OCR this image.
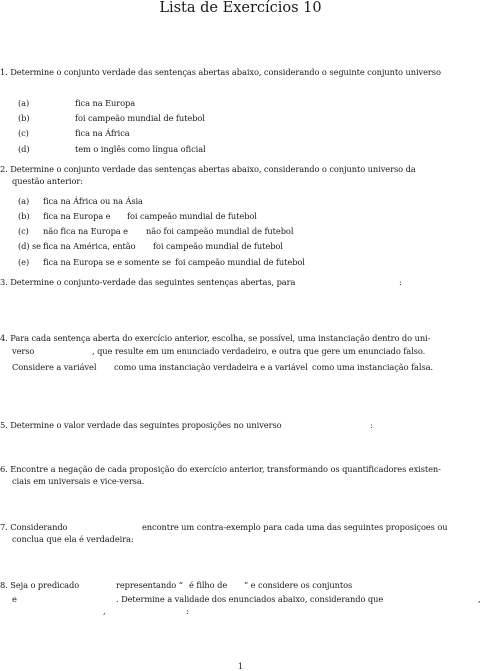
Lista de Exercícios 10
1. Determine o conjunto verdade das sentenças abertas abaixo, considerando o seguinte conjunto universo
(a)	fica na Europa
(b)	foi campeão mundial de futebol
(c)	fica na África
(d)	tem o inglês como língua oficial
2. Determine o conjunto verdade das sentenças abertas abaixo, considerando o conjunto universo da
questão anterior:
(a) fica na África ou na Ásia
(b) fica na Europa e foi campeão mundial de futebol
(c) não fica na Europa e não foi campeão mundial de futebol
(d) se fica na América, então foi campeão mundial de futebol
(e) fica na Europa se e somente se foi campeão mundial de futebol
3. Determine o conjunto-verdade das seguintes sentenças abertas, para	:
4. Para cada sentença aberta do exercício anterior, escolha, se possível, uma instanciação dentro do uni-
verso	, que resulte em um enunciado verdadeiro, e outra que gere um enunciado falso.
Considere a variável como uma instanciação verdadeira e a variável como uma instanciação falsa.
5. Determine o valor verdade das seguintes proposições no universo	:
6. Encontre a negação de cada proposição do exercício anterior, transformando os quantificadores existen-
ciais em universais e vice-versa.
7. Considerando	encontre um contra-exemplo para cada uma das seguintes proposiçoes ou
conclua que ela é verdadeira:
8. Seja o predicado	representando “ é filho de ” e considere os conjuntos
e	. Determine a validade dos enunciados abaixo, considerando que	,
,	:
1
